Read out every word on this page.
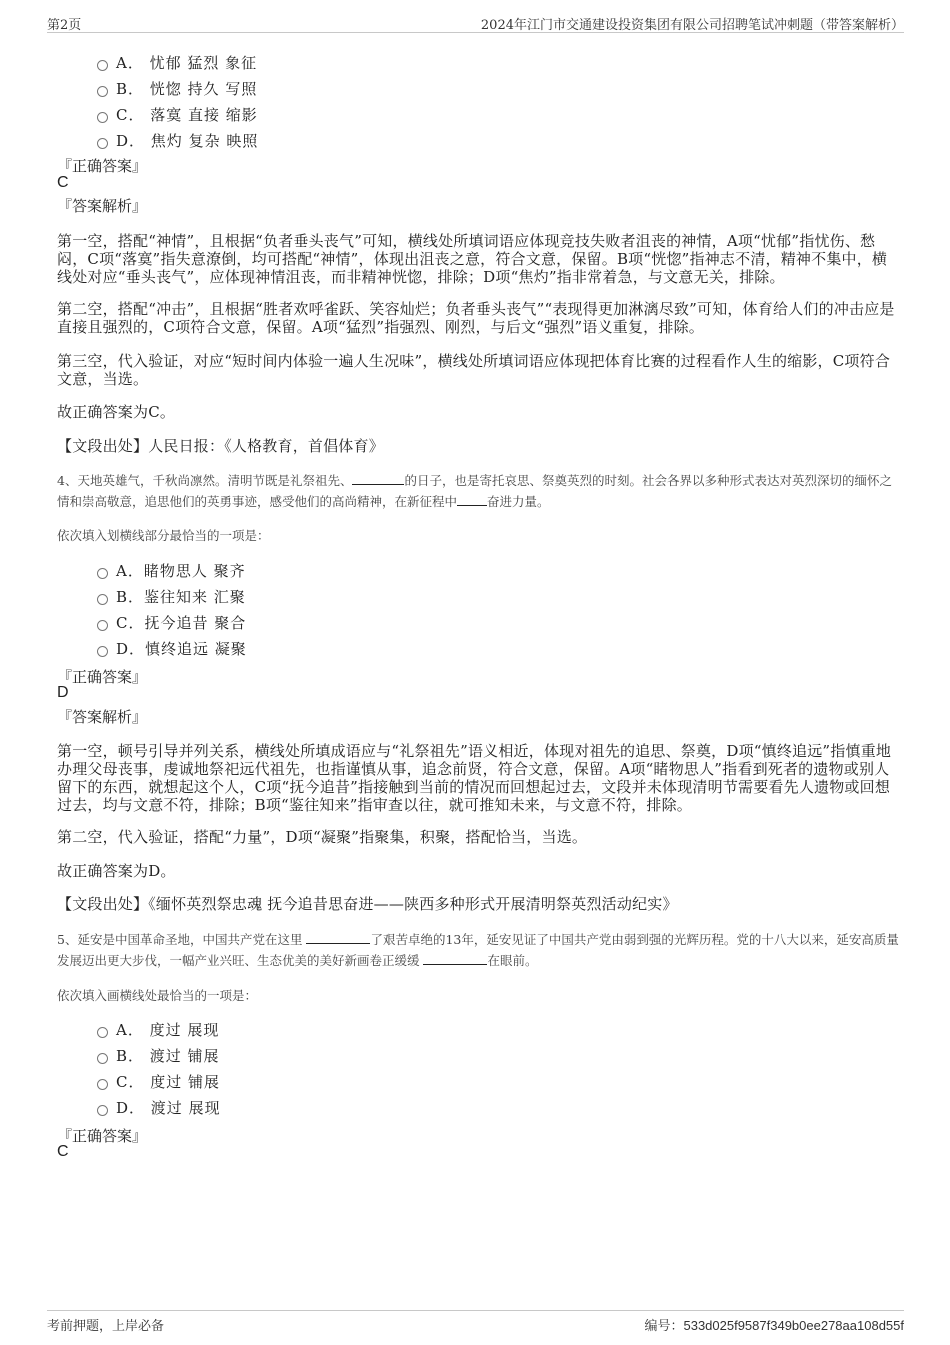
第2页	2024年江门市交通建设投资集团有限公司招聘笔试冲刺题（带答案解析）
A． 忧郁 猛烈 象征
B． 恍惚 持久 写照
C． 落寞 直接 缩影
D． 焦灼 复杂 映照
『正确答案』
C
『答案解析』
第一空，搭配“神情”，且根据“负者垂头丧气”可知，横线处所填词语应体现竞技失败者沮丧的神情，A项“忧郁”指忧伤、愁闷，C项“落寞”指失意潦倒，均可搭配“神情”，体现出沮丧之意，符合文意，保留。B项“恍惚”指神志不清，精神不集中，横线处对应“垂头丧气”，应体现神情沮丧，而非精神恍惚，排除；D项“焦灼”指非常着急，与文意无关，排除。
第二空，搭配“冲击”，且根据“胜者欢呼雀跃、笑容灿烂；负者垂头丧气”“表现得更加淋漓尽致”可知，体育给人们的冲击应是直接且强烈的，C项符合文意，保留。A项“猛烈”指强烈、刚烈，与后文“强烈”语义重复，排除。
第三空，代入验证，对应“短时间内体验一遍人生况味”，横线处所填词语应体现把体育比赛的过程看作人生的缩影，C项符合文意，当选。
故正确答案为C。
【文段出处】人民日报：《人格教育，首倡体育》
4、天地英雄气，千秋尚凛然。清明节既是礼祭祖先、	的日子，也是寄托哀思、祭奠英烈的时刻。社会各界以多种形式表达对英烈深切的缅怀之情和崇高敬意，追思他们的英勇事迹，感受他们的高尚精神，在新征程中 奋进力量。
依次填入划横线部分最恰当的一项是：
A．睹物思人 聚齐
B．鉴往知来 汇聚
C．抚今追昔 聚合
D．慎终追远 凝聚
『正确答案』
D
『答案解析』
第一空，顿号引导并列关系，横线处所填成语应与“礼祭祖先”语义相近，体现对祖先的追思、祭奠，D项“慎终追远”指慎重地办理父母丧事，虔诚地祭祀远代祖先，也指谨慎从事，追念前贤，符合文意，保留。A项“睹物思人”指看到死者的遗物或别人留下的东西，就想起这个人，C项“抚今追昔”指接触到当前的情况而回想起过去，文段并未体现清明节需要看先人遗物或回想过去，均与文意不符，排除；B项“鉴往知来”指审查以往，就可推知未来，与文意不符，排除。
第二空，代入验证，搭配“力量”，D项“凝聚”指聚集，积聚，搭配恰当，当选。
故正确答案为D。
【文段出处】《缅怀英烈祭忠魂 抚今追昔思奋进——陕西多种形式开展清明祭英烈活动纪实》
5、延安是中国革命圣地，中国共产党在这里	了艰苦卓绝的13年，延安见证了中国共产党由弱到强的光辉历程。党的十八大以来，延安高质量发展迈出更大步伐，一幅产业兴旺、生态优美的美好新画卷正缓缓	在眼前。
依次填入画横线处最恰当的一项是：
A． 度过 展现
B． 渡过 铺展
C． 度过 铺展
D． 渡过 展现
『正确答案』
C
考前押题，上岸必备	编号：533d025f9587f349b0ee278aa108d55f
